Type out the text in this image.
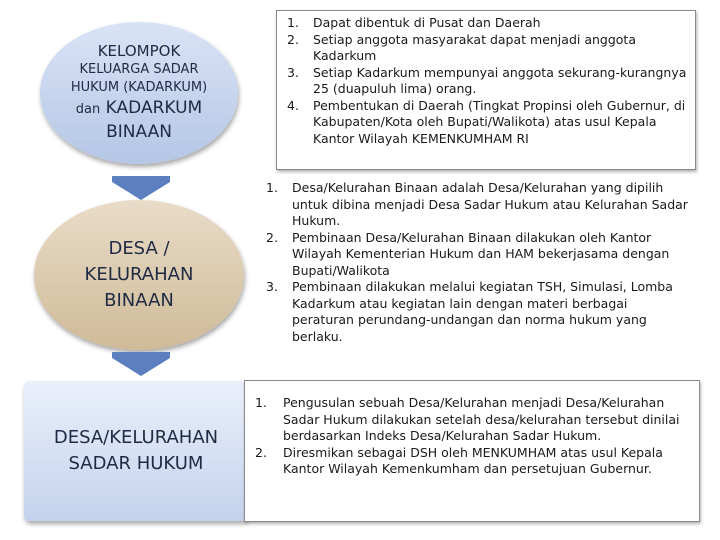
KELOMPOK
KELUARGA SADAR
HUKUM (KADARKUM)
dan KADARKUM
BINAAN
DESA /
KELURAHAN
BINAAN
DESA/KELURAHAN
SADAR HUKUM
1. Dapat dibentuk di Pusat dan Daerah
2. Setiap anggota masyarakat dapat menjadi anggota Kadarkum
3. Setiap Kadarkum mempunyai anggota sekurang-kurangnya 25 (duapuluh lima) orang.
4. Pembentukan di Daerah (Tingkat Propinsi oleh Gubernur, di Kabupaten/Kota oleh Bupati/Walikota) atas usul Kepala Kantor Wilayah KEMENKUMHAM RI
1. Desa/Kelurahan Binaan adalah Desa/Kelurahan yang dipilih untuk dibina menjadi Desa Sadar Hukum atau Kelurahan Sadar Hukum.
2. Pembinaan Desa/Kelurahan Binaan dilakukan oleh Kantor Wilayah Kementerian Hukum dan HAM bekerjasama dengan Bupati/Walikota
3. Pembinaan dilakukan melalui kegiatan TSH, Simulasi, Lomba Kadarkum atau kegiatan lain dengan materi berbagai peraturan perundang-undangan dan norma hukum yang berlaku.
1. Pengusulan sebuah Desa/Kelurahan menjadi Desa/Kelurahan Sadar Hukum dilakukan setelah desa/kelurahan tersebut dinilai berdasarkan Indeks Desa/Kelurahan Sadar Hukum.
2. Diresmikan sebagai DSH oleh MENKUMHAM atas usul Kepala Kantor Wilayah Kemenkumham dan persetujuan Gubernur.
